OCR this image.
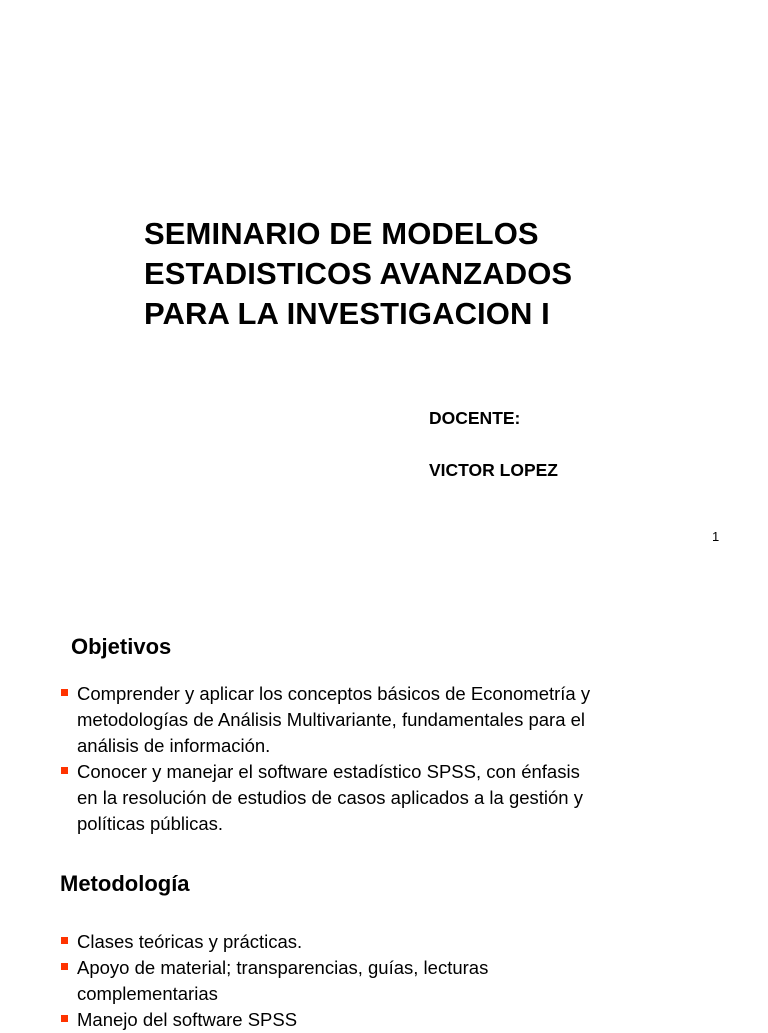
SEMINARIO DE MODELOS
ESTADISTICOS AVANZADOS
PARA LA INVESTIGACION I
DOCENTE:
VICTOR LOPEZ
1
Objetivos
Comprender y aplicar los conceptos básicos de Econometría y
metodologías de Análisis Multivariante, fundamentales para el
análisis de información.
Conocer y manejar el software estadístico SPSS, con énfasis
en la resolución de estudios de casos aplicados a la gestión y
políticas públicas.
Metodología
Clases teóricas y prácticas.
Apoyo de material; transparencias, guías, lecturas
complementarias
Manejo del software SPSS
